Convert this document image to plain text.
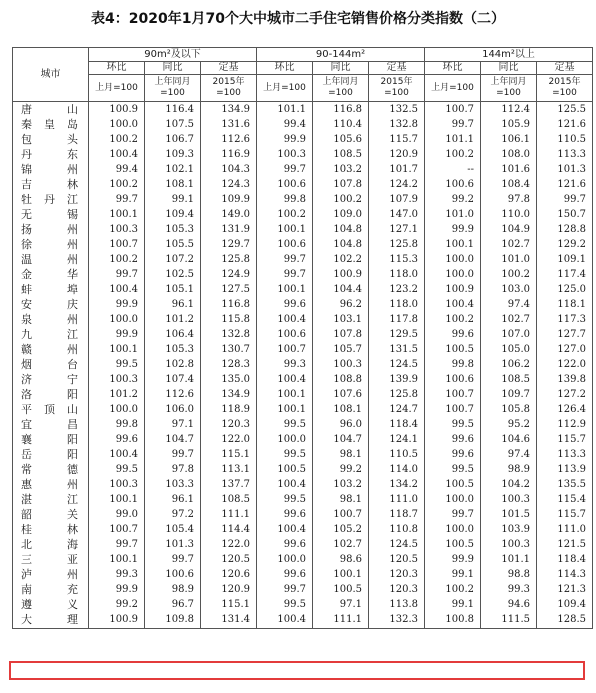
表4：2020年1月70个大中城市二手住宅销售价格分类指数（二）
城市	90m²及以下			90-144m²			144m²以上		
	环比	同比	定基	环比	同比	定基	环比	同比	定基
	上月=100	上年同月=100	2015年=100	上月=100	上年同月=100	2015年=100	上月=100	上年同月=100	2015年=100
唐山	100.9	116.4	134.9	101.1	116.8	132.5	100.7	112.4	125.5
秦皇岛	100.0	107.5	131.6	99.4	110.4	132.8	99.7	105.9	121.6
包头	100.2	106.7	112.6	99.9	105.6	115.7	101.1	106.1	110.5
丹东	100.4	109.3	116.9	100.3	108.5	120.9	100.2	108.0	113.3
锦州	99.4	102.1	104.3	99.7	103.2	101.7	--	101.6	101.3
吉林	100.2	108.1	124.3	100.6	107.8	124.2	100.6	108.4	121.6
牡丹江	99.7	99.1	109.9	99.8	100.2	107.9	99.2	97.8	99.7
无锡	100.1	109.4	149.0	100.2	109.0	147.0	101.0	110.0	150.7
扬州	100.3	105.3	131.9	100.1	104.8	127.1	99.9	104.9	128.8
徐州	100.7	105.5	129.7	100.6	104.8	125.8	100.1	102.7	129.2
温州	100.2	107.2	125.8	99.7	102.2	115.3	100.0	101.0	109.1
金华	99.7	102.5	124.9	99.7	100.9	118.0	100.0	100.2	117.4
蚌埠	100.4	105.1	127.5	100.1	104.4	123.2	100.9	103.0	125.0
安庆	99.9	96.1	116.8	99.6	96.2	118.0	100.4	97.4	118.1
泉州	100.0	101.2	115.8	100.4	103.1	117.8	100.2	102.7	117.3
九江	99.9	106.4	132.8	100.6	107.8	129.5	99.6	107.0	127.7
赣州	100.1	105.3	130.7	100.7	105.7	131.5	100.5	105.0	127.0
烟台	99.5	102.8	128.3	99.3	100.3	124.5	99.8	106.2	122.0
济宁	100.3	107.4	135.0	100.4	108.8	139.9	100.6	108.5	139.8
洛阳	101.2	112.6	134.9	100.1	107.6	125.8	100.7	109.7	127.2
平顶山	100.0	106.0	118.9	100.1	108.1	124.7	100.7	105.8	126.4
宜昌	99.8	97.1	120.3	99.5	96.0	118.4	99.5	95.2	112.9
襄阳	99.6	104.7	122.0	100.0	104.7	124.1	99.6	104.6	115.7
岳阳	100.4	99.7	115.1	99.5	98.1	110.5	99.6	97.4	113.3
常德	99.5	97.8	113.1	100.5	99.2	114.0	99.5	98.9	113.9
惠州	100.3	103.3	137.7	100.4	103.2	134.2	100.5	104.2	135.5
湛江	100.1	96.1	108.5	99.5	98.1	111.0	100.0	100.3	115.4
韶关	99.0	97.2	111.1	99.6	100.7	118.7	99.7	101.5	115.7
桂林	100.7	105.4	114.4	100.4	105.2	110.8	100.0	103.9	111.0
北海	99.7	101.3	122.0	99.6	102.7	124.5	100.5	100.3	121.5
三亚	100.1	99.7	120.5	100.0	98.6	120.5	99.9	101.1	118.4
泸州	99.3	100.6	120.6	99.6	100.1	120.3	99.1	98.8	114.3
南充	99.9	98.9	120.9	99.7	100.5	120.3	100.2	99.3	121.3
遵义	99.2	96.7	115.1	99.5	97.1	113.8	99.1	94.6	109.4
大理	100.9	109.8	131.4	100.4	111.1	132.3	100.8	111.5	128.5
